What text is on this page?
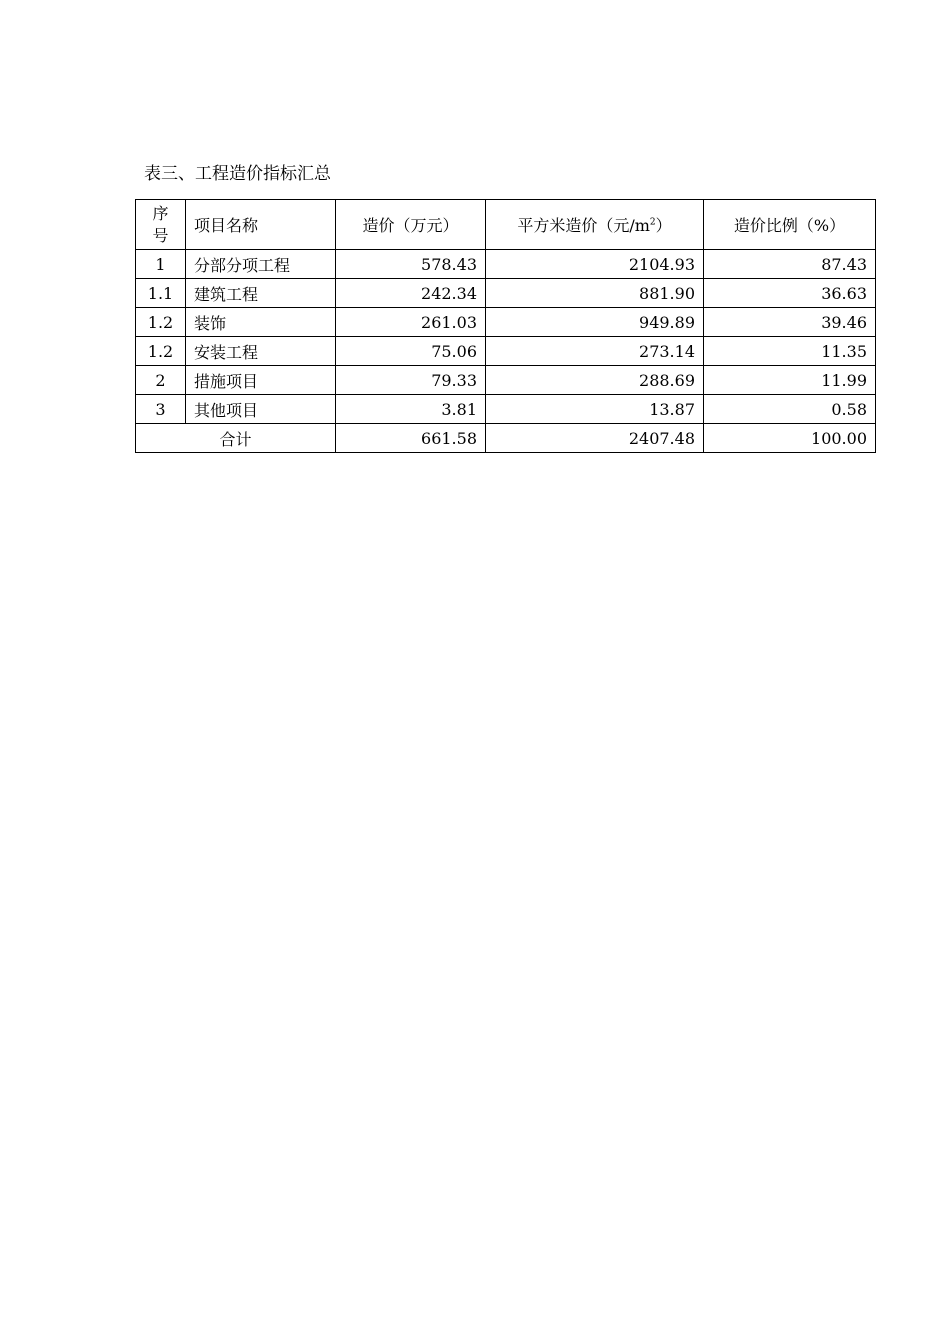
表三、工程造价指标汇总
序
号	项目名称	造价（万元）	平方米造价（元$/m^2$）	造价比例（%）
1	分部分项工程	578.43	2104.93	87.43
1.1	建筑工程	242.34	881.90	36.63
1.2	装饰	261.03	949.89	39.46
1.2	安装工程	75.06	273.14	11.35
2	措施项目	79.33	288.69	11.99
3	其他项目	3.81	13.87	0.58
合计		661.58	2407.48	100.00
